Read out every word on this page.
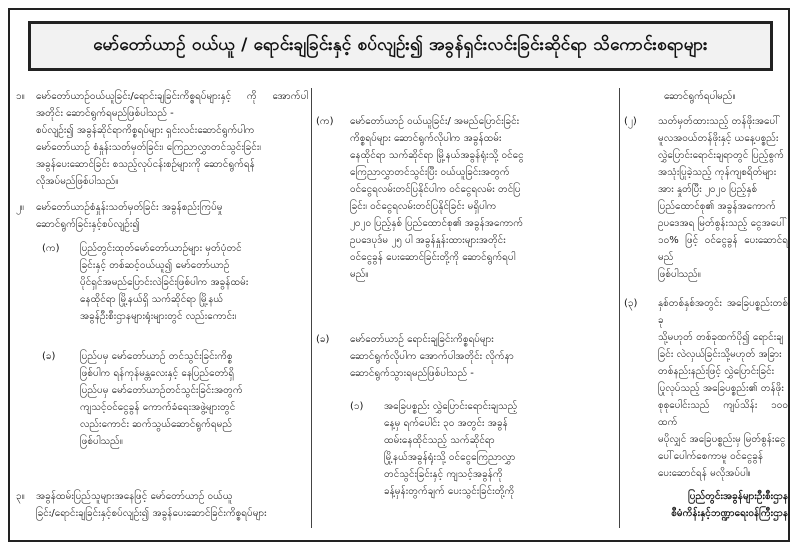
မော်တော်ယာဉ် ဝယ်ယူ / ရောင်းချခြင်းနှင့် စပ်လျဉ်း၍ အခွန်ရှင်းလင်းခြင်းဆိုင်ရာ သိကောင်းစရာများ
၁။ မော်တော်ယာဉ်ဝယ်ယူခြင်း/ရောင်းချခြင်းကိစ္စရပ်များနှင့် ကို အောက်ပါအတိုင်း ဆောင်ရွက်ရမည်ဖြစ်ပါသည် -
စပ်လျဉ်း၍ အခွန်ဆိုင်ရာကိစ္စရပ်များ ရှင်းလင်းဆောင်ရွက်ပါက
မော်တော်ယာဉ် စံနှုန်းသတ်မှတ်ခြင်း၊ ကြေညာလွှာတင်သွင်းခြင်း၊
အခွန်ပေးဆောင်ခြင်း စသည့်လုပ်ငန်းစဉ်များကို ဆောင်ရွက်ရန်
လိုအပ်မည်ဖြစ်ပါသည်။
၂။ မော်တော်ယာဉ်စံနှုန်းသတ်မှတ်ခြင်း အခွန်စည်းကြပ်မှု
ဆောင်ရွက်ခြင်းနှင့်စပ်လျဉ်း၍
(က) ပြည်တွင်းထုတ်မော်တော်ယာဉ်များ မှတ်ပုံတင်
ခြင်းနှင့် တစ်ဆင့်ဝယ်ယူ၍ မော်တော်ယာဉ်
ပိုင်ရှင်အမည်ပြောင်းလဲခြင်းဖြစ်ပါက အခွန်ထမ်း
နေထိုင်ရာ မြို့နယ်ရှိ သက်ဆိုင်ရာ မြို့နယ်
အခွန်ဦးစီးဌာနများရုံးများတွင် လည်းကောင်း၊
(ခ) ပြည်ပမှ မော်တော်ယာဉ် တင်သွင်းခြင်းကိစ္စ
ဖြစ်ပါက ရန်ကုန်မန္တလေးနှင့် နေပြည်တော်ရှိ
ပြည်ပမှ မော်တော်ယာဉ်တင်သွင်းခြင်းအတွက်
ကျသင့်ဝင်ငွေခွန် ကောက်ခံရေးအဖွဲ့များတွင်
လည်းကောင်း ဆက်သွယ်ဆောင်ရွက်ရမည်
ဖြစ်ပါသည်။
၃။ အခွန်ထမ်းပြည်သူများအနေဖြင့် မော်တော်ယာဉ် ဝယ်ယူ
ခြင်း/ရောင်းချခြင်းနှင့်စပ်လျဉ်း၍ အခွန်ပေးဆောင်ခြင်းကိစ္စရပ်များ
(က) မော်တော်ယာဉ် ဝယ်ယူခြင်း/ အမည်ပြောင်းခြင်း
ကိစ္စရပ်များ ဆောင်ရွက်လိုပါက အခွန်ထမ်း
နေထိုင်ရာ သက်ဆိုင်ရာ မြို့နယ်အခွန်ရုံးသို့ ဝင်ငွေ
ကြေညာလွှာတင်သွင်းပြီး ဝယ်ယူခြင်းအတွက်
ဝင်ငွေရလမ်းတင်ပြနိုင်ပါက ဝင်ငွေရလမ်း တင်ပြ
ခြင်း၊ ဝင်ငွေရလမ်းတင်ပြနိုင်ခြင်း မရှိပါက
၂၀၂၀ ပြည့်နှစ် ပြည်ထောင်စု၏ အခွန်အကောက်
ဥပဒေပုဒ်မ ၂၅ ပါ အခွန်နှုန်းထားများအတိုင်း
ဝင်ငွေခွန် ပေးဆောင်ခြင်းတို့ကို ဆောင်ရွက်ရပါ
မည်။
(ခ) မော်တော်ယာဉ် ရောင်းချခြင်းကိစ္စရပ်များ
ဆောင်ရွက်လိုပါက အောက်ပါအတိုင်း လိုက်နာ
ဆောင်ရွက်သွားရမည်ဖြစ်ပါသည် -
(၁) အခြေပစ္စည်း လွှဲပြောင်းရောင်းချသည့်
နေ့မှ ရက်ပေါင်း ၃၀ အတွင်း အခွန်
ထမ်းနေထိုင်သည့် သက်ဆိုင်ရာ
မြို့နယ်အခွန်ရုံးသို့ ဝင်ငွေကြေညာလွှာ
တင်သွင်းခြင်းနှင့် ကျသင့်အခွန်ကို
ခန့်မှန်းတွက်ချက် ပေးသွင်းခြင်းတို့ကို
ဆောင်ရွက်ရပါမည်။
(၂) သတ်မှတ်ထားသည့် တန်ဖိုးအပေါ်
မူလအဝယ်တန်ဖိုးနှင့် ယနေ့ပစ္စည်း
လွှဲပြောင်းရောင်းချရာတွင် ပြည့်စွက်
အသုံးပြုခဲ့သည့် ကုန်ကျစရိတ်များ
အား နှုတ်ပြီး ၂၀၂၀ ပြည့်နှစ်
ပြည်ထောင်စု၏ အခွန်အကောက်
ဥပဒေအရ မြတ်စွန်းသည့် ငွေအပေါ်
၁၀% ဖြင့် ဝင်ငွေခွန် ပေးဆောင်ရမည်
ဖြစ်ပါသည်။
(၃) နှစ်တစ်နှစ်အတွင်း အခြေပစ္စည်းတစ်ခု
သို့မဟုတ် တစ်ခုထက်ပို၍ ရောင်းချ
ခြင်း လဲလှယ်ခြင်းသို့မဟုတ် အခြား
တစ်နည်းနည်းဖြင့် လွှဲပြောင်းခြင်း
ပြုလုပ်သည့် အခြေပစ္စည်း၏ တန်ဖိုး
စုစုပေါင်းသည် ကျပ်သိန်း ၁၀၀ ထက်
မပိုလျှင် အခြေပစ္စည်းမှ မြတ်စွန်းငွေ
ပေါ်ပေါက်စေကာမူ ဝင်ငွေခွန်
ပေးဆောင်ရန် မလိုအပ်ပါ။
ပြည်တွင်းအခွန်များဦးစီးဌာန
စီမံကိန်းနှင့်ဘဏ္ဍာရေးဝန်ကြီးဌာန
